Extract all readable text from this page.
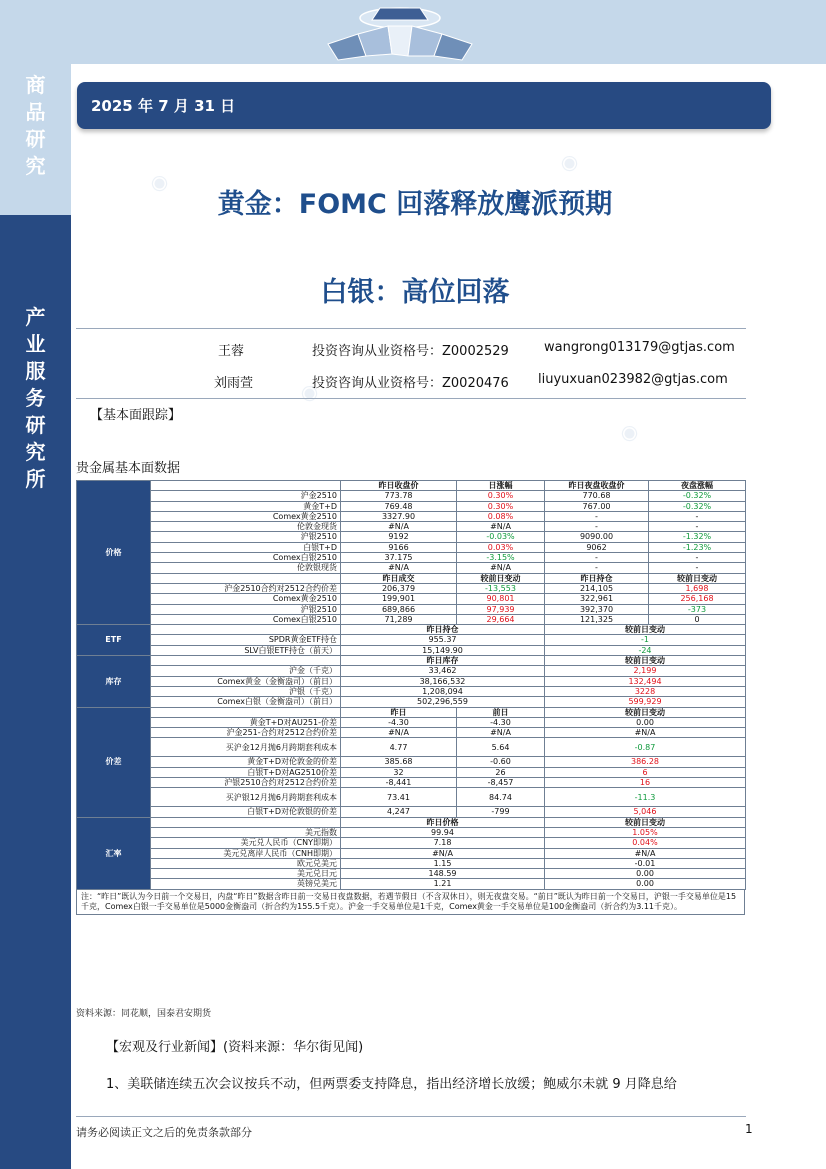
商
品
研
究
产
业
服
务
研
究
所
2025 年 7 月 31 日
◉
◉
◉
◉
黄金：FOMC 回落释放鹰派预期
白银：高位回落
王蓉	投资咨询从业资格号：Z0002529	wangrong013179@gtjas.com
刘雨萱	投资咨询从业资格号：Z0020476 liuyuxuan023982@gtjas.com
【基本面跟踪】
贵金属基本面数据
价格		昨日收盘价	日涨幅	昨日夜盘收盘价	夜盘涨幅
	沪金2510	773.78	0.30%	770.68	-0.32%
	黄金T+D	769.48	0.30%	767.00	-0.32%
	Comex黄金2510	3327.90	0.08%	-	-
	伦敦金现货	#N/A	#N/A	-	-
	沪银2510	9192	-0.03%	9090.00	-1.32%
	白银T+D	9166	0.03%	9062	-1.23%
	Comex白银2510	37.175	-3.15%	-	-
	伦敦银现货	#N/A	#N/A	-	-
		昨日成交	较前日变动	昨日持仓	较前日变动
	沪金2510合约对2512合约价差	206,379	-13,553	214,105	1,698
	Comex黄金2510	199,901	90,801	322,961	256,168
	沪银2510	689,866	97,939	392,370	-373
	Comex白银2510	71,289	29,664	121,325	0
ETF		昨日持仓		较前日变动	
	SPDR黄金ETF持仓	955.37		-1	
	SLV白银ETF持仓（前天）	15,149.90		-24	
库存		昨日库存		较前日变动	
	沪金（千克）	33,462		2,199	
	Comex黄金（金衡盎司）（前日）	38,166,532		132,494	
	沪银（千克）	1,208,094		3228	
	Comex白银（金衡盎司）（前日）	502,296,559		599,929	
价差		昨日	前日	较前日变动	
	黄金T+D对AU251-价差	-4.30	-4.30	0.00	
	沪金251-合约对2512合约价差	#N/A	#N/A	#N/A	
	买沪金12月抛6月跨期套利成本	4.77	5.64	-0.87	
	黄金T+D对伦敦金的价差	385.68	-0.60	386.28	
	白银T+D对AG2510价差	32	26	6	
	沪银2510合约对2512合约价差	-8,441	-8,457	16	
	买沪银12月抛6月跨期套利成本	73.41	84.74	-11.3	
	白银T+D对伦敦银的价差	4,247	-799	5,046	
汇率		昨日价格		较前日变动	
	美元指数	99.94		1.05%	
	美元兑人民币（CNY即期）	7.18		0.04%	
	美元兑离岸人民币（CNH即期）	#N/A		#N/A	
	欧元兑美元	1.15		-0.01	
	美元兑日元	148.59		0.00	
	英镑兑美元	1.21		0.00	
注：“昨日”既认为今日前一个交易日，内盘“昨日”数据含昨日前一交易日夜盘数据，若遇节假日（不含双休日），则无夜盘交易。“前日”既认为昨日前一个交易日，沪银一手交易单位是15千克，Comex白银一手交易单位是5000金衡盎司（折合约为155.5千克）。沪金一手交易单位是1千克，Comex黄金一手交易单位是100金衡盎司（折合约为3.11千克）。
资料来源：同花顺，国泰君安期货
【宏观及行业新闻】(资料来源：华尔街见闻)
1、美联储连续五次会议按兵不动，但两票委支持降息，指出经济增长放缓；鲍威尔未就 9 月降息给
请务必阅读正文之后的免责条款部分	1
